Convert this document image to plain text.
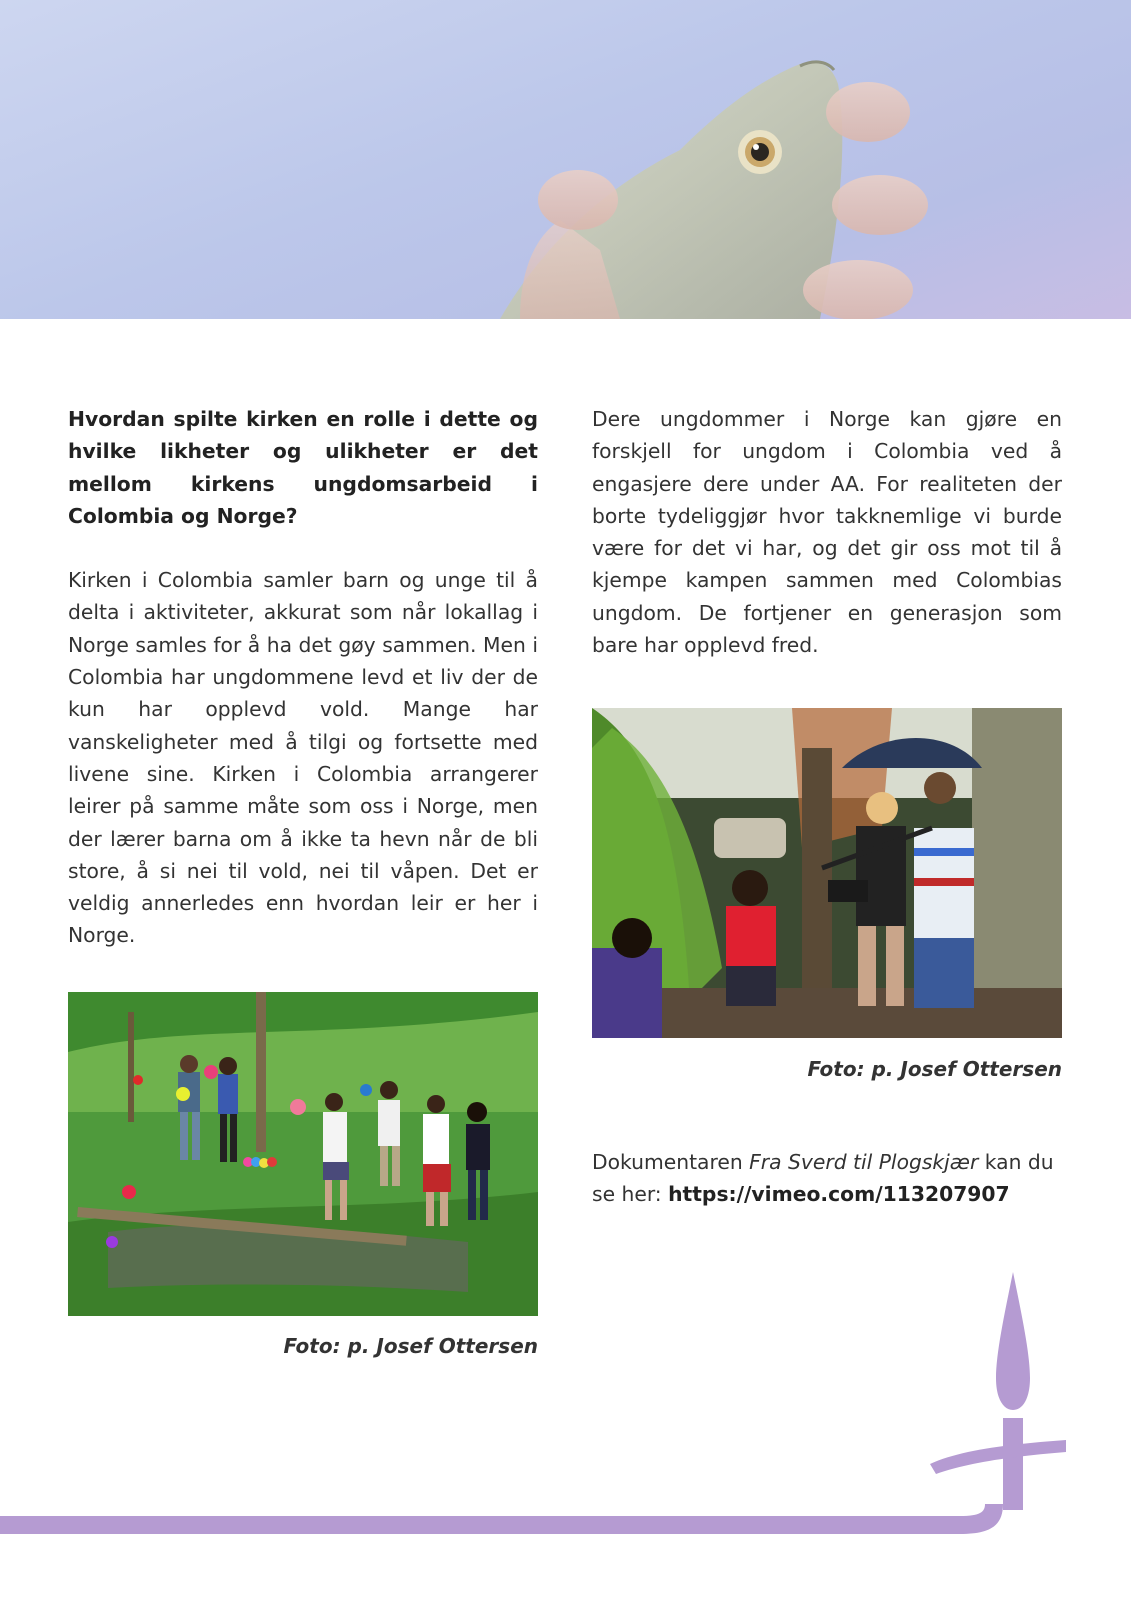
Hvordan spilte kirken en rolle i dette og hvilke likheter og ulikheter er det mellom kirkens ungdomsarbeid i Colombia og Norge?

Kirken i Colombia samler barn og unge til å delta i aktiviteter, akkurat som når lokallag i Norge samles for å ha det gøy sammen. Men i Colombia har ungdommene levd et liv der de kun har opplevd vold. Mange har vanskeligheter med å tilgi og fortsette med livene sine. Kirken i Colombia arrangerer leirer på samme måte som oss i Norge, men der lærer barna om å ikke ta hevn når de bli store, å si nei til vold, nei til våpen. Det er veldig annerledes enn hvordan leir er her i Norge.

Dere ungdommer i Norge kan gjøre en forskjell for ungdom i Colombia ved å engasjere dere under AA. For realiteten der borte tydeliggjør hvor takknemlige vi burde være for det vi har, og det gir oss mot til å kjempe kampen sammen med Colombias ungdom. De fortjener en generasjon som bare har opplevd fred.

Foto: p. Josef Ottersen

Foto: p. Josef Ottersen

Dokumentaren Fra Sverd til Plogskjær kan du se her: https://vimeo.com/113207907
